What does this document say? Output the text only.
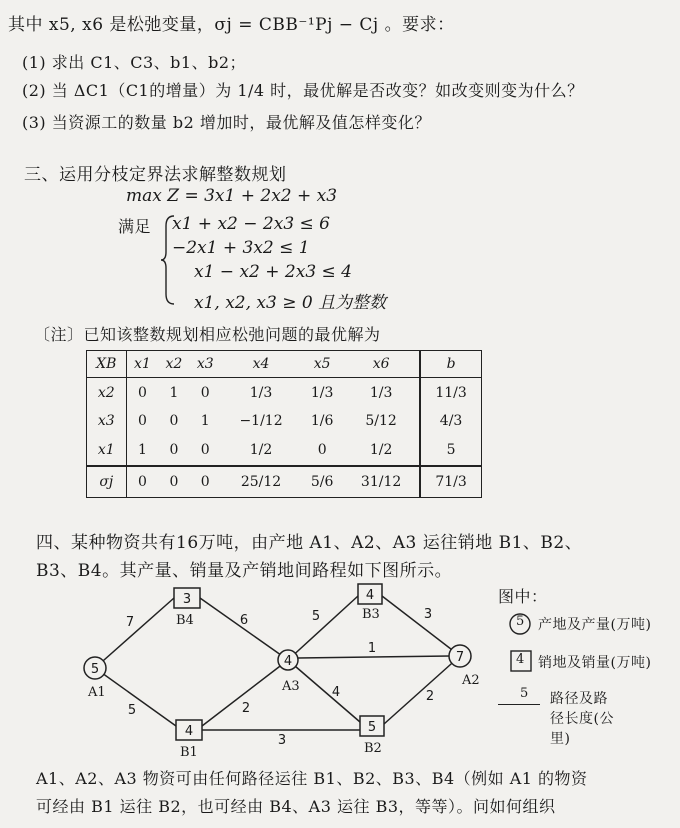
其中 x5, x6 是松弛变量，σj = CBB⁻¹Pj − Cj 。要求：
(1) 求出 C1、C3、b1、b2；
(2) 当 ΔC1（C1的增量）为 1/4 时，最优解是否改变？如改变则变为什么？
(3) 当资源工的数量 b2 增加时，最优解及值怎样变化？
三、运用分枝定界法求解整数规划
max Z = 3x1 + 2x2 + x3
满足 x1 + x2 − 2x3 ≤ 6
−2x1 + 3x2 ≤ 1
x1 − x2 + 2x3 ≤ 4
x1, x2, x3 ≥ 0 且为整数
〔注〕已知该整数规划相应松弛问题的最优解为
XB	x1	x2	x3	x4	x5	x6	b
x2	0	1	0	1/3	1/3	1/3	11/3
x3	0	0	1	−1/12	1/6	5/12	4/3
x1	1	0	0	1/2	0	1/2	5
σj	0	0	0	25/12	5/6	31/12	71/3
四、某种物资共有16万吨，由产地 A1、A2、A3 运往销地 B1、B2、
B3、B4。其产量、销量及产销地间路程如下图所示。
5
4	7
3
4
4
5
A1	A3	A2
B4
B1
B3
B2
7
5
6	5	3
1
2
4
3
2
图中：
5 产地及产量(万吨)
4 销地及销量(万吨)
5 路径及路
径长度(公
里)
A1、A2、A3 物资可由任何路径运往 B1、B2、B3、B4（例如 A1 的物资
可经由 B1 运往 B2，也可经由 B4、A3 运往 B3，等等）。问如何组织
